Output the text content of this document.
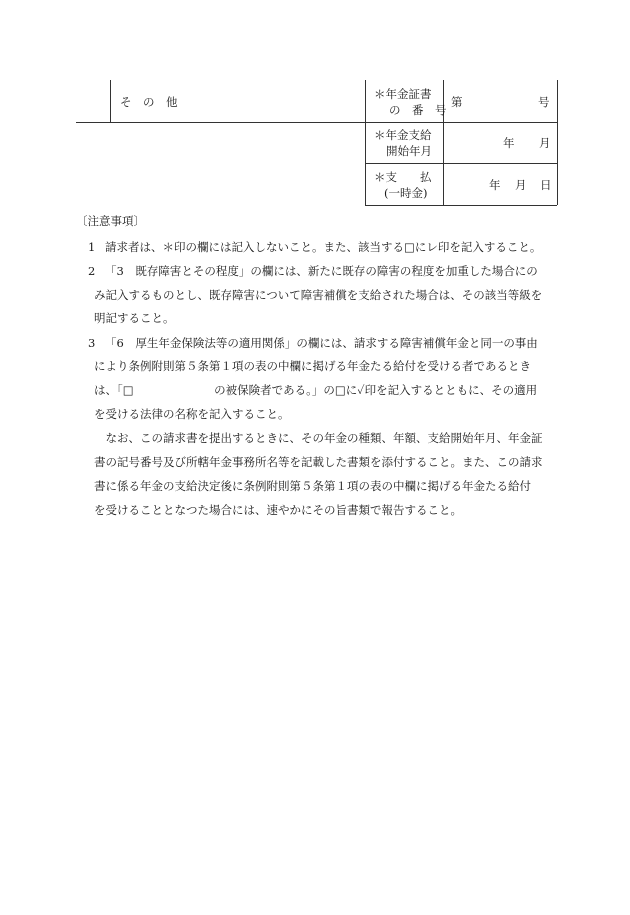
そ　の　他
＊年金証書
の　番　号
第	号
＊年金支給
開始年月
年 月
＊支　　払
(一時金)
年 月 日
〔注意事項〕
1 請求者は、＊印の欄には記入しないこと。また、該当する□にレ印を記入すること。
2 「3　既存障害とその程度」の欄には、新たに既存の障害の程度を加重した場合にの
み記入するものとし、既存障害について障害補償を支給された場合は、その該当等級を
明記すること。
3 「6　厚生年金保険法等の適用関係」の欄には、請求する障害補償年金と同一の事由
により条例附則第５条第１項の表の中欄に掲げる年金たる給付を受ける者であるとき
は、「□　　　　　　　の被保険者である。」の□に✓印を記入するとともに、その適用
を受ける法律の名称を記入すること。
　なお、この請求書を提出するときに、その年金の種類、年額、支給開始年月、年金証
書の記号番号及び所轄年金事務所名等を記載した書類を添付すること。また、この請求
書に係る年金の支給決定後に条例附則第５条第１項の表の中欄に掲げる年金たる給付
を受けることとなつた場合には、速やかにその旨書類で報告すること。
